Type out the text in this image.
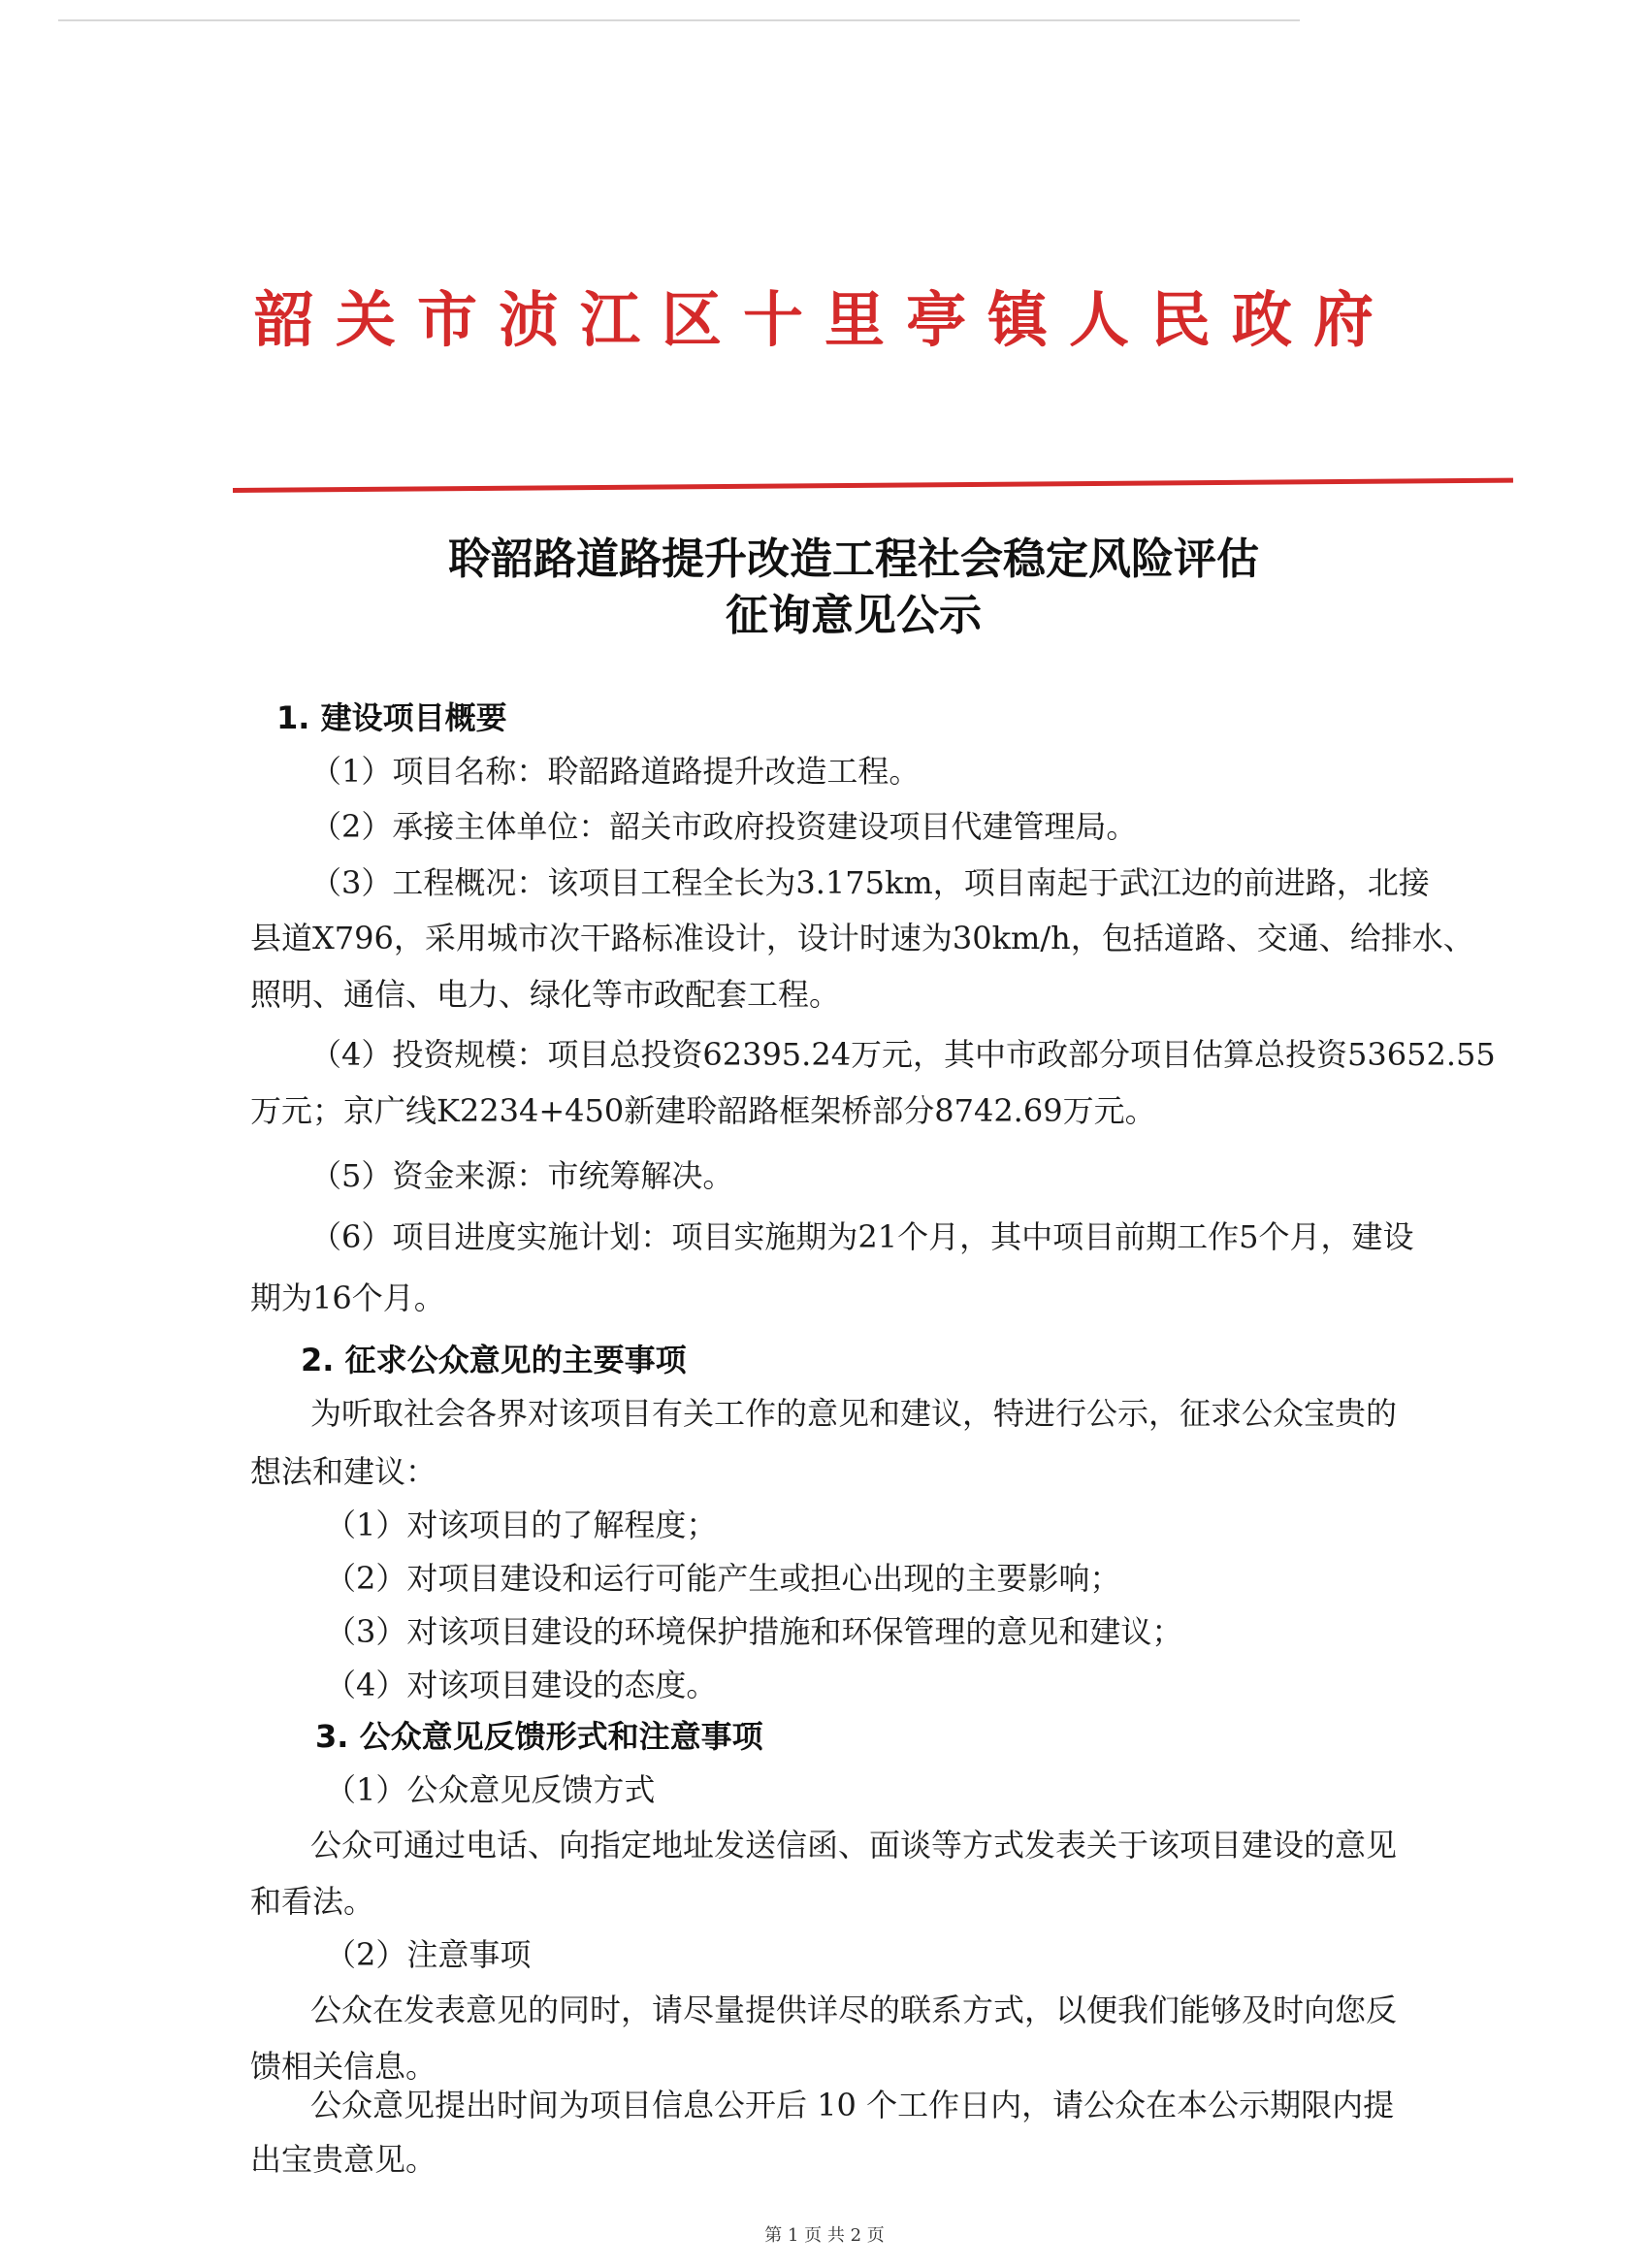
韶关市浈江区十里亭镇人民政府
聆韶路道路提升改造工程社会稳定风险评估
征询意见公示
1. 建设项目概要
（1）项目名称：聆韶路道路提升改造工程。
（2）承接主体单位：韶关市政府投资建设项目代建管理局。
（3）工程概况：该项目工程全长为3.175km，项目南起于武江边的前进路，北接
县道X796，采用城市次干路标准设计，设计时速为30km/h，包括道路、交通、给排水、
照明、通信、电力、绿化等市政配套工程。
（4）投资规模：项目总投资62395.24万元，其中市政部分项目估算总投资53652.55
万元；京广线K2234+450新建聆韶路框架桥部分8742.69万元。
（5）资金来源：市统筹解决。
（6）项目进度实施计划：项目实施期为21个月，其中项目前期工作5个月，建设
期为16个月。
2. 征求公众意见的主要事项
为听取社会各界对该项目有关工作的意见和建议，特进行公示，征求公众宝贵的
想法和建议：
（1）对该项目的了解程度；
（2）对项目建设和运行可能产生或担心出现的主要影响；
（3）对该项目建设的环境保护措施和环保管理的意见和建议；
（4）对该项目建设的态度。
3. 公众意见反馈形式和注意事项
（1）公众意见反馈方式
公众可通过电话、向指定地址发送信函、面谈等方式发表关于该项目建设的意见
和看法。
（2）注意事项
公众在发表意见的同时，请尽量提供详尽的联系方式，以便我们能够及时向您反
馈相关信息。
公众意见提出时间为项目信息公开后 10 个工作日内，请公众在本公示期限内提
出宝贵意见。
第 1 页 共 2 页
